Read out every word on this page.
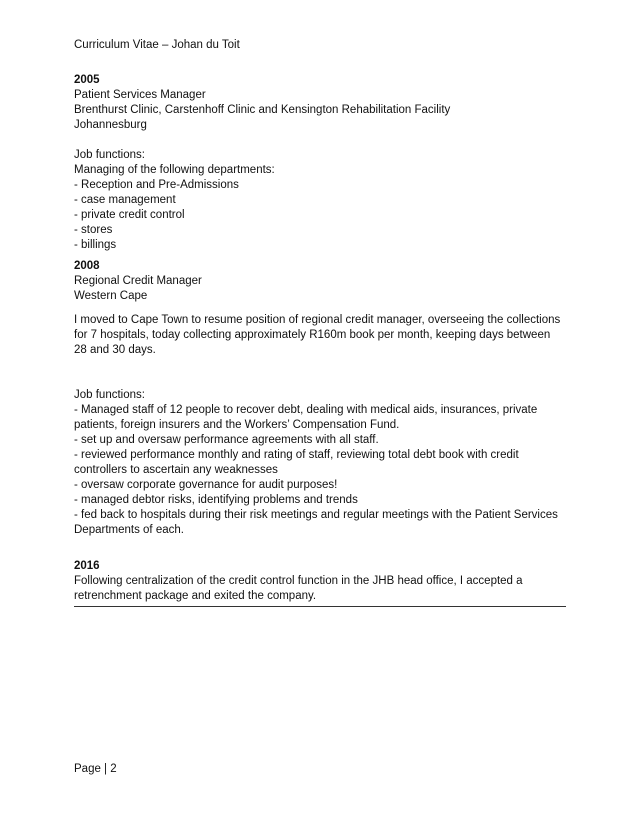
Curriculum Vitae – Johan du Toit

2005

Patient Services Manager

Brenthurst Clinic, Carstenhoff Clinic and Kensington Rehabilitation Facility

Johannesburg

Job functions:

Managing of the following departments:

- Reception and Pre-Admissions

- case management

- private credit control

- stores

- billings

2008

Regional Credit Manager

Western Cape

I moved to Cape Town to resume position of regional credit manager, overseeing the collections for 7 hospitals, today collecting approximately R160m book per month, keeping days between 28 and 30 days.

Job functions:

- Managed staff of 12 people to recover debt, dealing with medical aids, insurances, private patients, foreign insurers and the Workers’ Compensation Fund.

- set up and oversaw performance agreements with all staff.

- reviewed performance monthly and rating of staff, reviewing total debt book with credit controllers to ascertain any weaknesses

- oversaw corporate governance for audit purposes!

- managed debtor risks, identifying problems and trends

- fed back to hospitals during their risk meetings and regular meetings with the Patient Services Departments of each.

2016

Following centralization of the credit control function in the JHB head office, I accepted a retrenchment package and exited the company.

Page | 2
